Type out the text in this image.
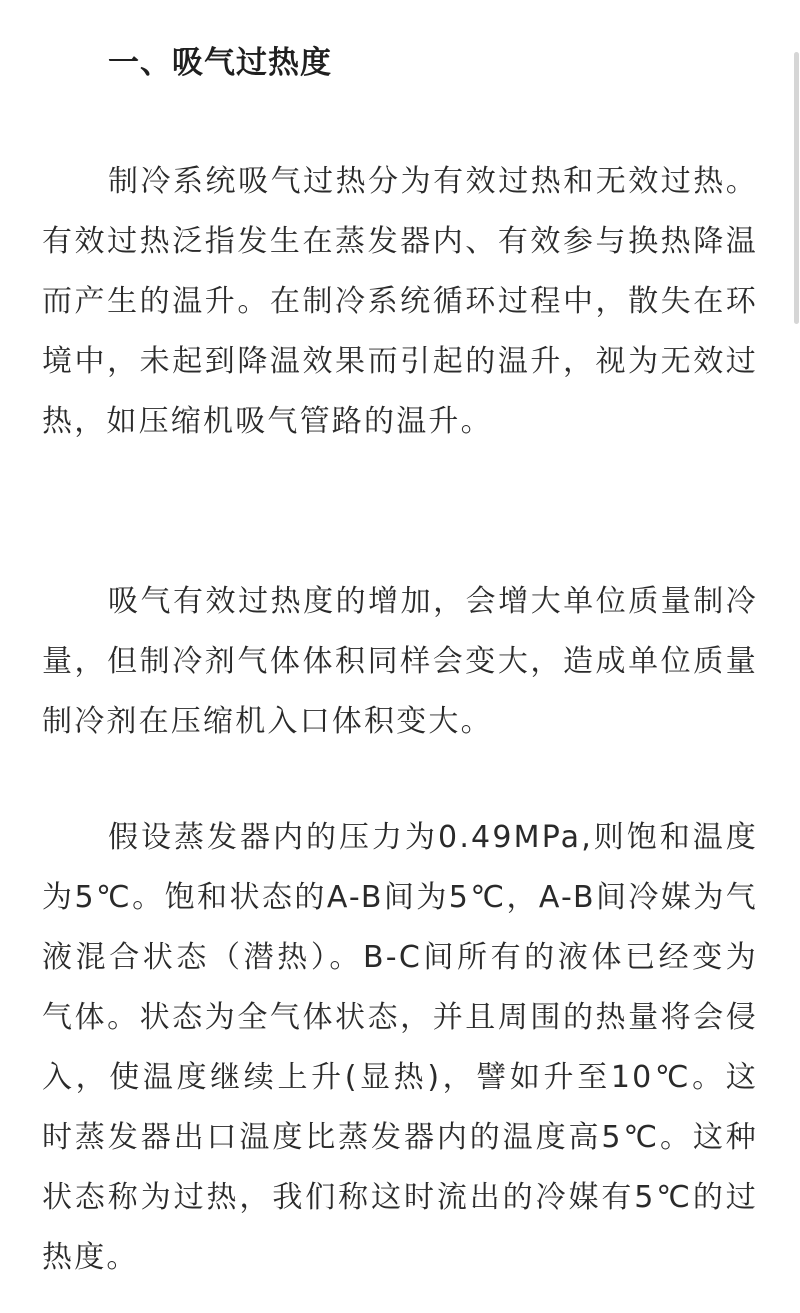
一、吸气过热度

制冷系统吸气过热分为有效过热和无效过热。有效过热泛指发生在蒸发器内、有效参与换热降温而产生的温升。在制冷系统循环过程中，散失在环境中，未起到降温效果而引起的温升，视为无效过热，如压缩机吸气管路的温升。

吸气有效过热度的增加，会增大单位质量制冷量，但制冷剂气体体积同样会变大，造成单位质量制冷剂在压缩机入口体积变大。

假设蒸发器内的压力为0.49MPa,则饱和温度为5℃。饱和状态的A-B间为5℃，A-B间冷媒为气液混合状态（潜热）。B-C间所有的液体已经变为气体。状态为全气体状态，并且周围的热量将会侵入，使温度继续上升(显热)，譬如升至10℃。这时蒸发器出口温度比蒸发器内的温度高5℃。这种状态称为过热，我们称这时流出的冷媒有5℃的过热度。
